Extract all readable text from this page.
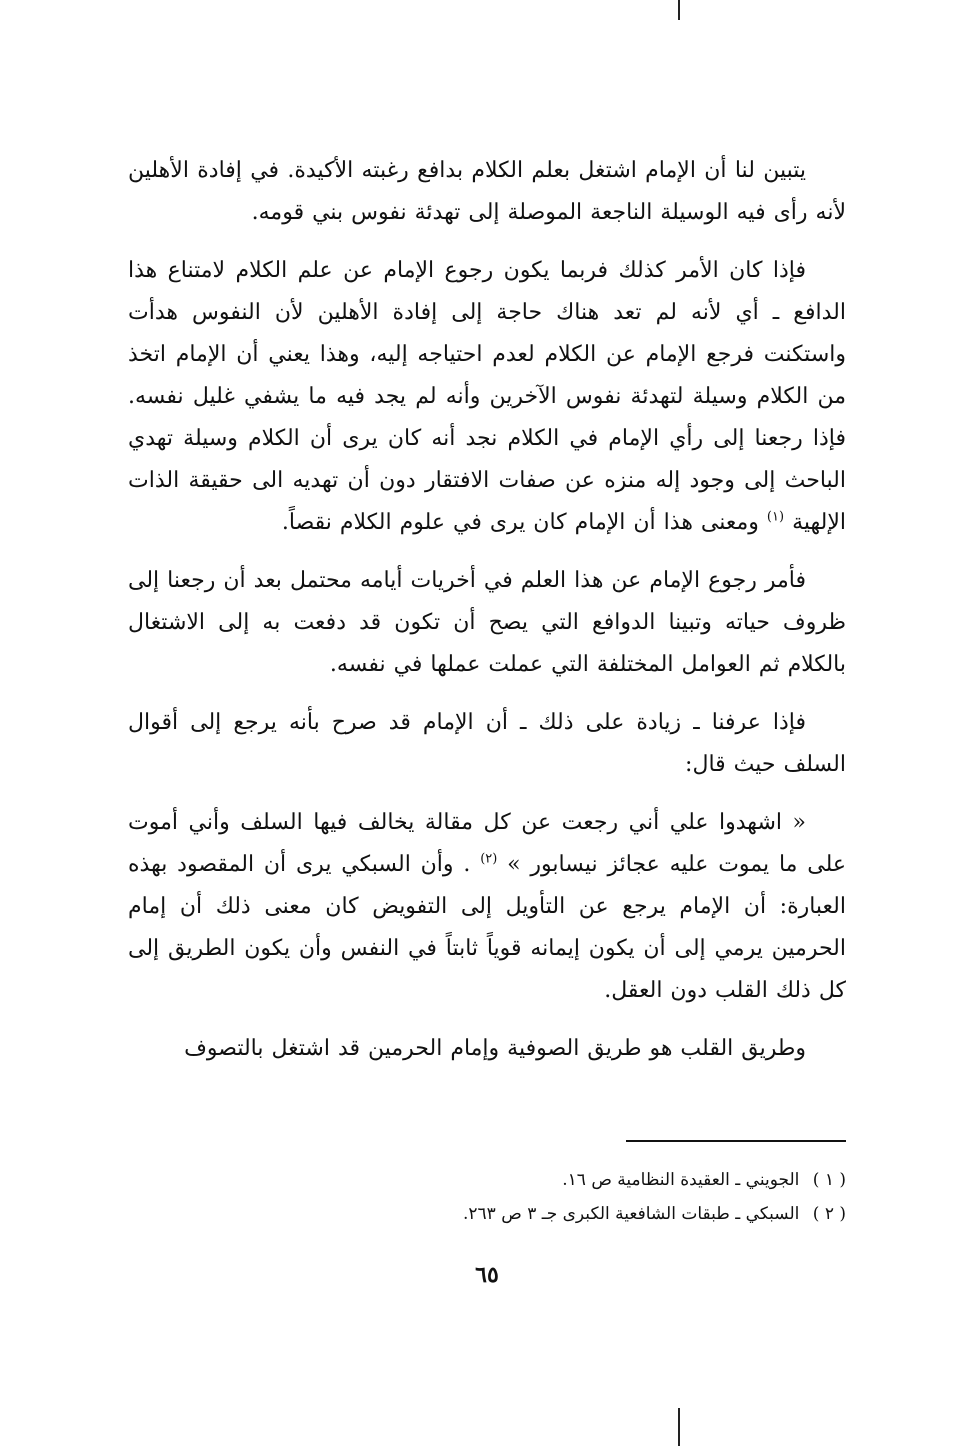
يتبين لنا أن الإمام اشتغل بعلم الكلام بدافع رغبته الأكيدة. في إفادة الأهلين لأنه رأى فيه الوسيلة الناجعة الموصلة إلى تهدئة نفوس بني قومه.

فإذا كان الأمر كذلك فربما يكون رجوع الإمام عن علم الكلام لامتناع هذا الدافع ـ أي لأنه لم تعد هناك حاجة إلى إفادة الأهلين لأن النفوس هدأت واستكنت فرجع الإمام عن الكلام لعدم احتياجه إليه، وهذا يعني أن الإمام اتخذ من الكلام وسيلة لتهدئة نفوس الآخرين وأنه لم يجد فيه ما يشفي غليل نفسه. فإذا رجعنا إلى رأي الإمام في الكلام نجد أنه كان يرى أن الكلام وسيلة تهدي الباحث إلى وجود إله منزه عن صفات الافتقار دون أن تهديه الى حقيقة الذات الإلهية $^{(١)}$ ومعنى هذا أن الإمام كان يرى في علوم الكلام نقصاً.

فأمر رجوع الإمام عن هذا العلم في أخريات أيامه محتمل بعد أن رجعنا إلى ظروف حياته وتبينا الدوافع التي يصح أن تكون قد دفعت به إلى الاشتغال بالكلام ثم العوامل المختلفة التي عملت عملها في نفسه.

فإذا عرفنا ـ زيادة على ذلك ـ أن الإمام قد صرح بأنه يرجع إلى أقوال السلف حيث قال:

« اشهدوا علي أني رجعت عن كل مقالة يخالف فيها السلف وأني أموت على ما يموت عليه عجائز نيسابور » $^{(٢)}$ . وأن السبكي يرى أن المقصود بهذه العبارة: أن الإمام يرجع عن التأويل إلى التفويض كان معنى ذلك أن إمام الحرمين يرمي إلى أن يكون إيمانه قوياً ثابتاً في النفس وأن يكون الطريق إلى كل ذلك القلب دون العقل.

وطريق القلب هو طريق الصوفية وإمام الحرمين قد اشتغل بالتصوف

( ١ ) الجويني ـ العقيدة النظامية ص ١٦.

( ٢ ) السبكي ـ طبقات الشافعية الكبرى جـ ٣ ص ٢٦٣.

٦٥
